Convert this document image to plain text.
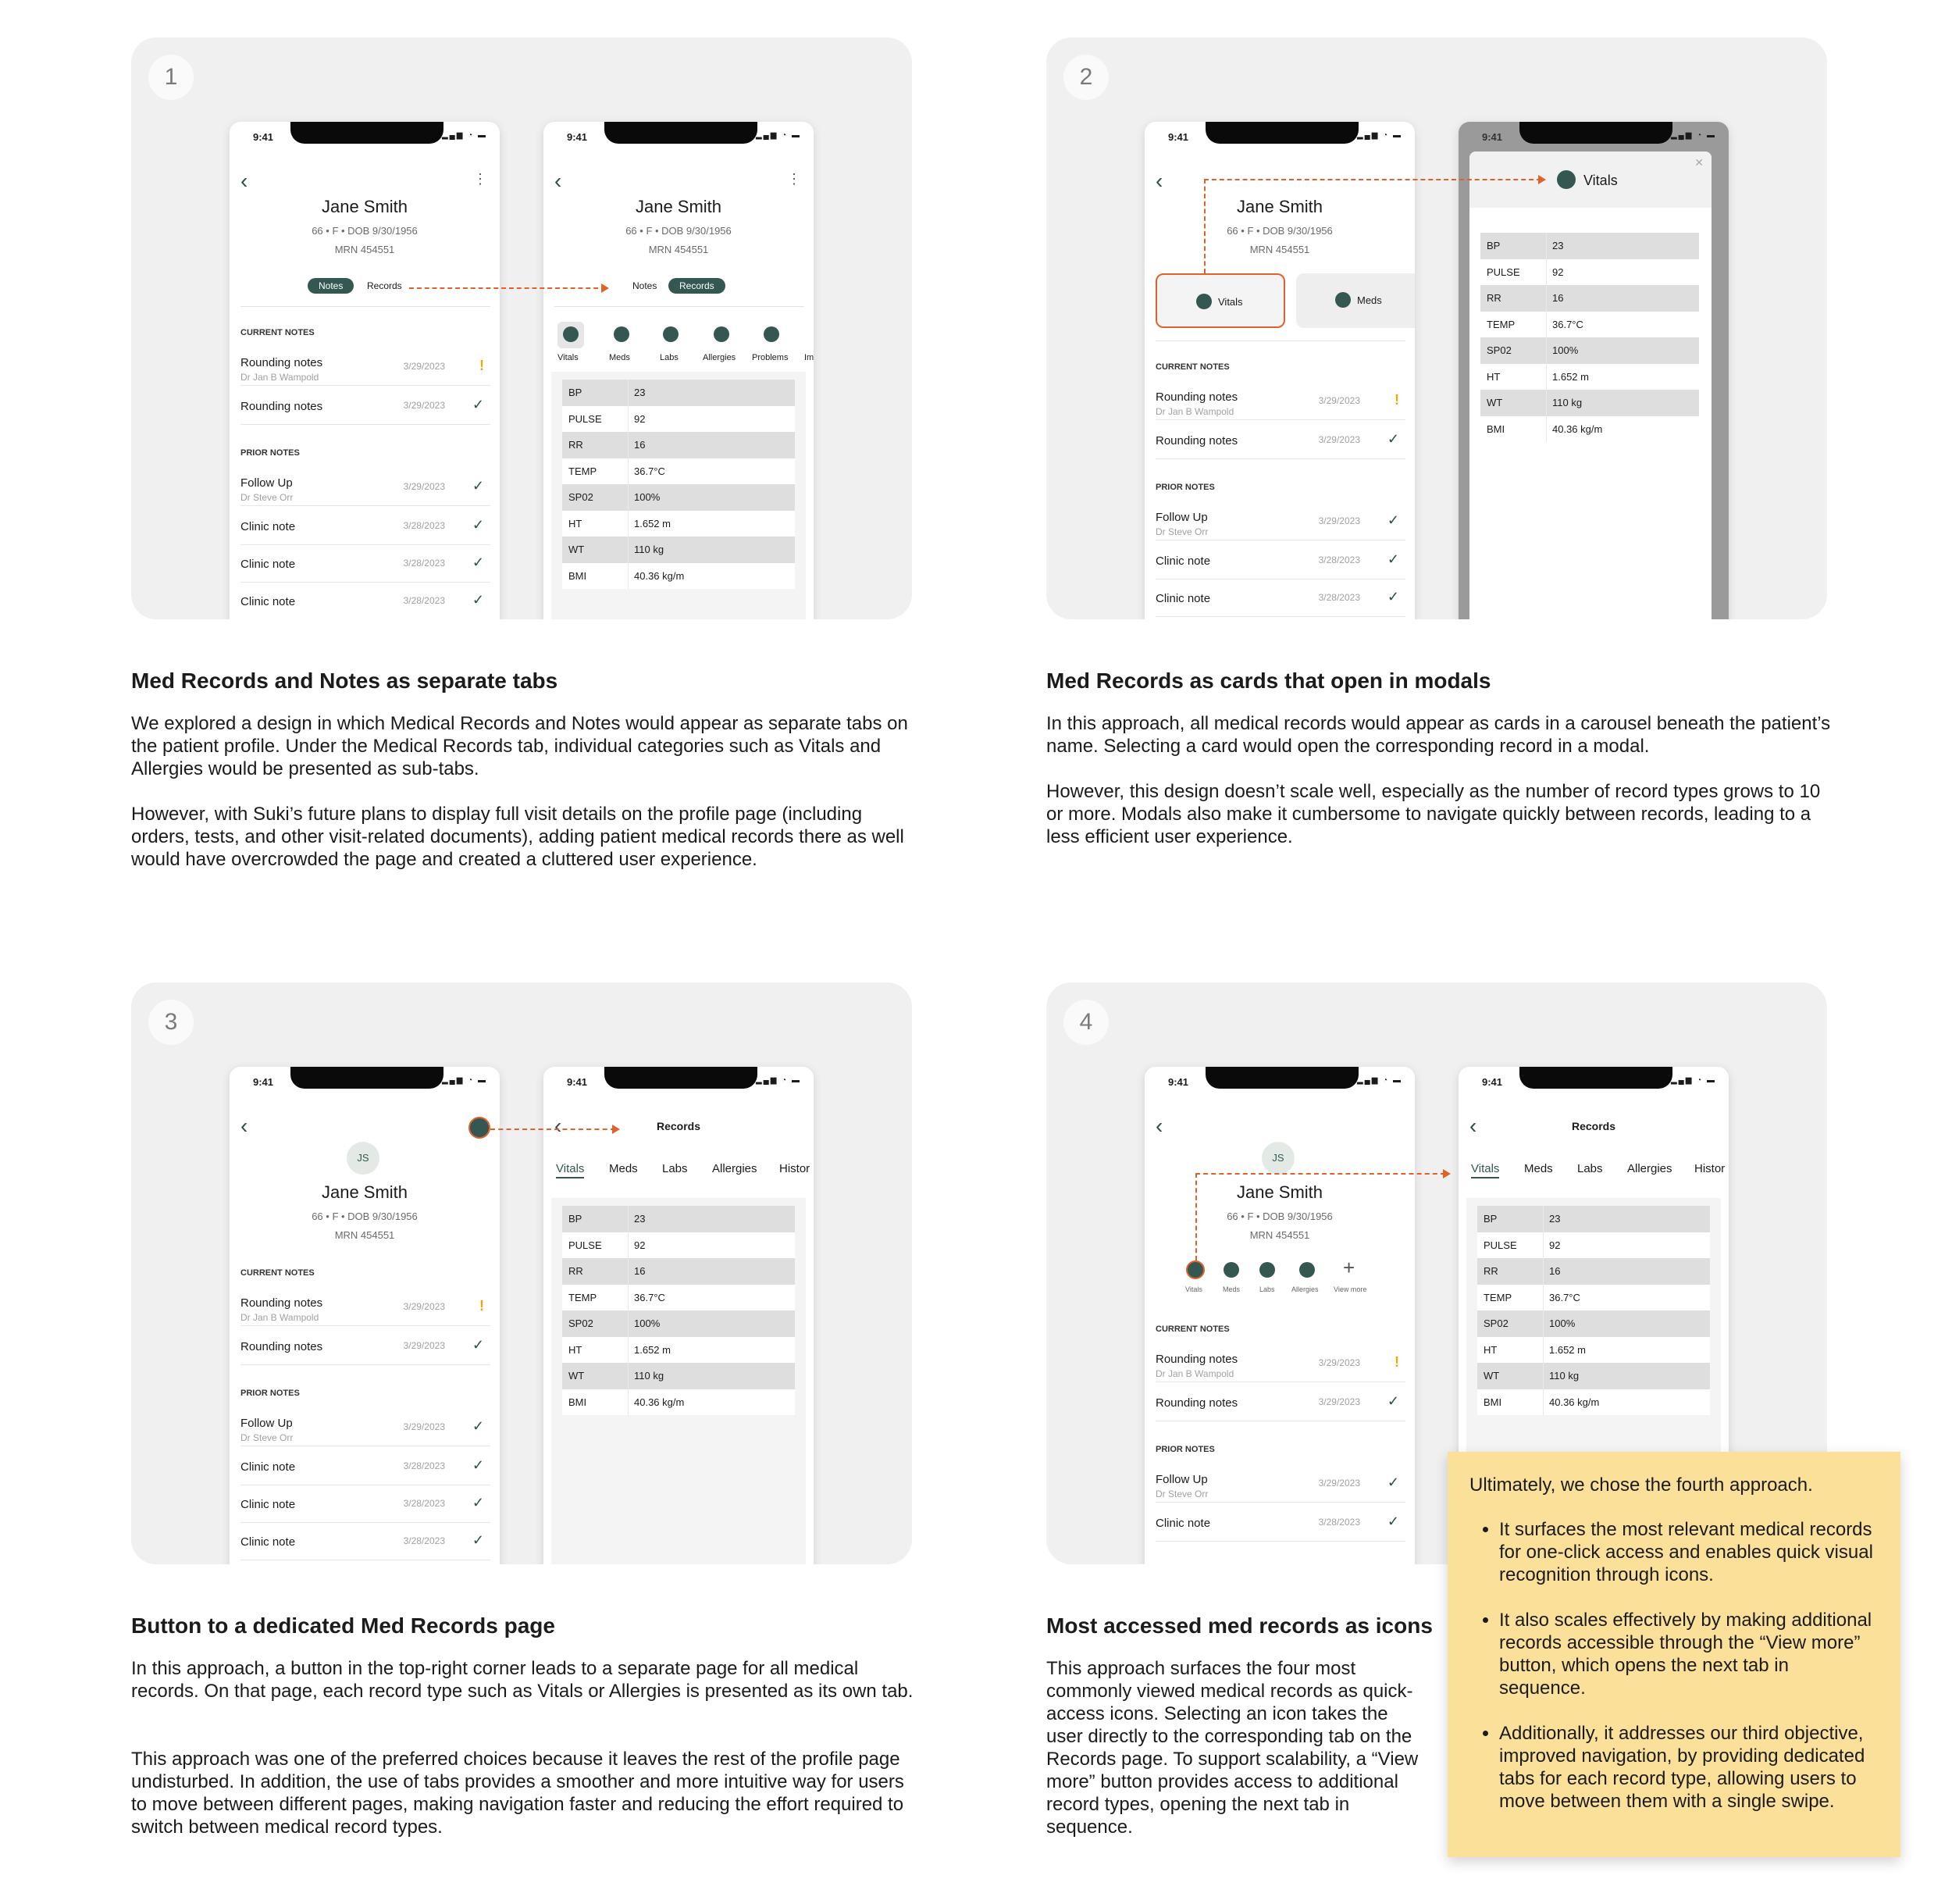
1
9:41	▂▄▆ ◔ ▬
‹	⋮
Jane Smith
66 • F • DOB 9/30/1956
MRN 454551
Notes	Records
CURRENT NOTES
Rounding notes
Dr Jan B Wampold
3/29/2023 !
Rounding notes	3/29/2023 ✓
PRIOR NOTES
Follow Up
Dr Steve Orr
3/29/2023 ✓
Clinic note	3/28/2023 ✓
Clinic note	3/28/2023 ✓
Clinic note	3/28/2023 ✓
9:41	▂▄▆ ◔ ▬
‹	⋮
Jane Smith
66 • F • DOB 9/30/1956
MRN 454551
Notes	Records
Vitals	Meds	Labs	Allergies Problems Im
BP	23
PULSE	92
RR	16
TEMP	36.7°C
SP02	100%
HT	1.652 m
WT	110 kg
BMI	40.36 kg/m
2
9:41	▂▄▆ ◔ ▬
‹
Jane Smith
66 • F • DOB 9/30/1956
MRN 454551
Vitals	Meds
CURRENT NOTES
Rounding notes
Dr Jan B Wampold
3/29/2023 !
Rounding notes	3/29/2023 ✓
PRIOR NOTES
Follow Up
Dr Steve Orr
3/29/2023 ✓
Clinic note	3/28/2023 ✓
Clinic note	3/28/2023 ✓
9:41	▂▄▆ ◔ ▬
Vitals
✕
BP	23
PULSE	92
RR	16
TEMP	36.7°C
SP02	100%
HT	1.652 m
WT	110 kg
BMI	40.36 kg/m
3
9:41	▂▄▆ ◔ ▬
‹
JS
Jane Smith
66 • F • DOB 9/30/1956
MRN 454551
CURRENT NOTES
Rounding notes
Dr Jan B Wampold
3/29/2023 !
Rounding notes	3/29/2023 ✓
PRIOR NOTES
Follow Up
Dr Steve Orr
3/29/2023 ✓
Clinic note	3/28/2023 ✓
Clinic note	3/28/2023 ✓
Clinic note	3/28/2023 ✓
9:41	▂▄▆ ◔ ▬
‹	Records
Vitals Meds Labs Allergies Histor
BP	23
PULSE	92
RR	16
TEMP	36.7°C
SP02	100%
HT	1.652 m
WT	110 kg
BMI	40.36 kg/m
4
9:41	▂▄▆ ◔ ▬
‹
JS
Jane Smith
66 • F • DOB 9/30/1956
MRN 454551
+
Vitals	Meds	Labs Allergies View more
CURRENT NOTES
Rounding notes
Dr Jan B Wampold
3/29/2023 !
Rounding notes	3/29/2023 ✓
PRIOR NOTES
Follow Up
Dr Steve Orr
3/29/2023 ✓
Clinic note	3/28/2023 ✓
9:41	▂▄▆ ◔ ▬
‹	Records
Vitals Meds Labs Allergies Histor
BP	23
PULSE	92
RR	16
TEMP	36.7°C
SP02	100%
HT	1.652 m
WT	110 kg
BMI	40.36 kg/m
Med Records and Notes as separate tabs
We explored a design in which Medical Records and Notes would appear as separate tabs on the patient profile. Under the Medical Records tab, individual categories such as Vitals and Allergies would be presented as sub-tabs.
However, with Suki’s future plans to display full visit details on the profile page (including orders, tests, and other visit-related documents), adding patient medical records there as well would have overcrowded the page and created a cluttered user experience.
Med Records as cards that open in modals
In this approach, all medical records would appear as cards in a carousel beneath the patient’s name. Selecting a card would open the corresponding record in a modal.
However, this design doesn’t scale well, especially as the number of record types grows to 10 or more. Modals also make it cumbersome to navigate quickly between records, leading to a less efficient user experience.
Button to a dedicated Med Records page
In this approach, a button in the top-right corner leads to a separate page for all medical records. On that page, each record type such as Vitals or Allergies is presented as its own tab.
This approach was one of the preferred choices because it leaves the rest of the profile page undisturbed. In addition, the use of tabs provides a smoother and more intuitive way for users to move between different pages, making navigation faster and reducing the effort required to switch between medical record types.
Most accessed med records as icons
This approach surfaces the four most commonly viewed medical records as quick-access icons. Selecting an icon takes the user directly to the corresponding tab on the Records page. To support scalability, a “View more” button provides access to additional record types, opening the next tab in sequence.
Ultimately, we chose the fourth approach.
• It surfaces the most relevant medical records for one-click access and enables quick visual recognition through icons.
• It also scales effectively by making additional records accessible through the “View more” button, which opens the next tab in sequence.
• Additionally, it addresses our third objective, improved navigation, by providing dedicated tabs for each record type, allowing users to move between them with a single swipe.
